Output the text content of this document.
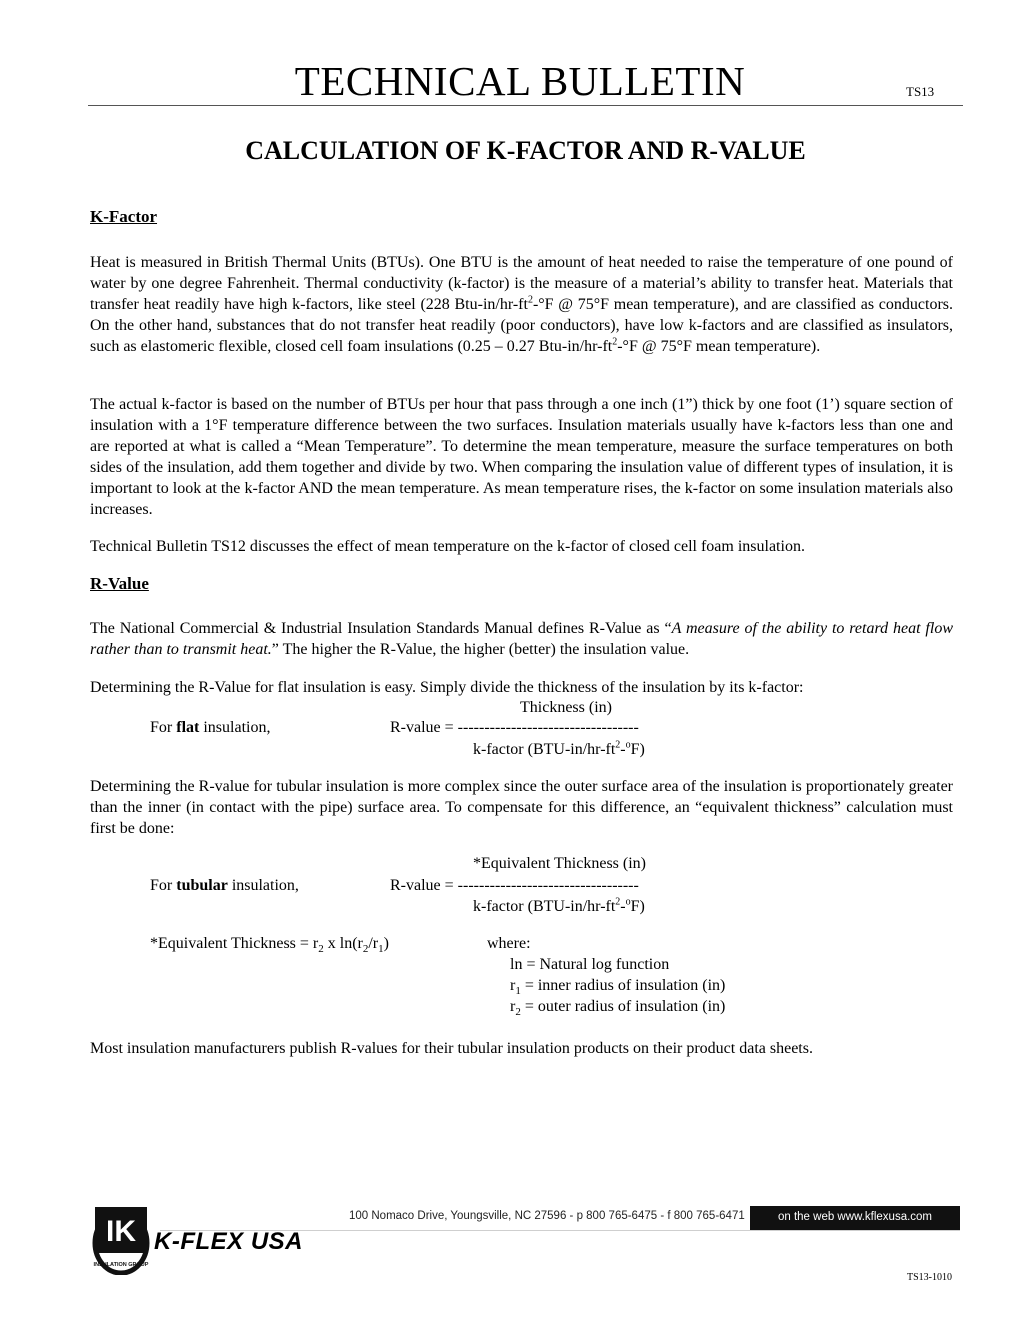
TECHNICAL BULLETIN	TS13
CALCULATION OF K-FACTOR AND R-VALUE
K-Factor
Heat is measured in British Thermal Units (BTUs). One BTU is the amount of heat needed to raise the temperature of one pound of water by one degree Fahrenheit. Thermal conductivity (k-factor) is the measure of a material’s ability to transfer heat. Materials that transfer heat readily have high k-factors, like steel (228 Btu-$in/hr-ft^2-^\circ F$ @ 75°F mean temperature), and are classified as conductors. On the other hand, substances that do not transfer heat readily (poor conductors), have low k-factors and are classified as insulators, such as elastomeric flexible, closed cell foam insulations (0.25 – 0.27 Btu-$in/hr-ft^2-^\circ F$ @ 75°F mean temperature).
The actual k-factor is based on the number of BTUs per hour that pass through a one inch (1”) thick by one foot (1’) square section of insulation with a 1°F temperature difference between the two surfaces. Insulation materials usually have k-factors less than one and are reported at what is called a “Mean Temperature”. To determine the mean temperature, measure the surface temperatures on both sides of the insulation, add them together and divide by two. When comparing the insulation value of different types of insulation, it is important to look at the k-factor AND the mean temperature. As mean temperature rises, the k-factor on some insulation materials also increases.
Technical Bulletin TS12 discusses the effect of mean temperature on the k-factor of closed cell foam insulation.
R-Value
The National Commercial & Industrial Insulation Standards Manual defines R-Value as “A measure of the ability to retard heat flow rather than to transmit heat.” The higher the R-Value, the higher (better) the insulation value.
Determining the R-Value for flat insulation is easy. Simply divide the thickness of the insulation by its k-factor:
Thickness (in)
For flat insulation,	R-value = ----------------------------------
k-factor $(BTU-in/hr-ft^2-^oF)$
Determining the R-value for tubular insulation is more complex since the outer surface area of the insulation is proportionately greater than the inner (in contact with the pipe) surface area. To compensate for this difference, an “equivalent thickness” calculation must first be done:
*Equivalent Thickness (in)
For tubular insulation,	R-value = ----------------------------------
k-factor $(BTU-in/hr-ft^2-^oF)$
*Equivalent Thickness = $r_2$ x $\ln(r_2/r_1)$	where:
ln = Natural log function
$r_1$ = inner radius of insulation (in)
$r_2$ = outer radius of insulation (in)
Most insulation manufacturers publish R-values for their tubular insulation products on their product data sheets.
IK
INSULATION GROUP
K-FLEX USA
100 Nomaco Drive, Youngsville, NC 27596 - p 800 765-6475 - f 800 765-6471	on the web www.kflexusa.com
TS13-1010
